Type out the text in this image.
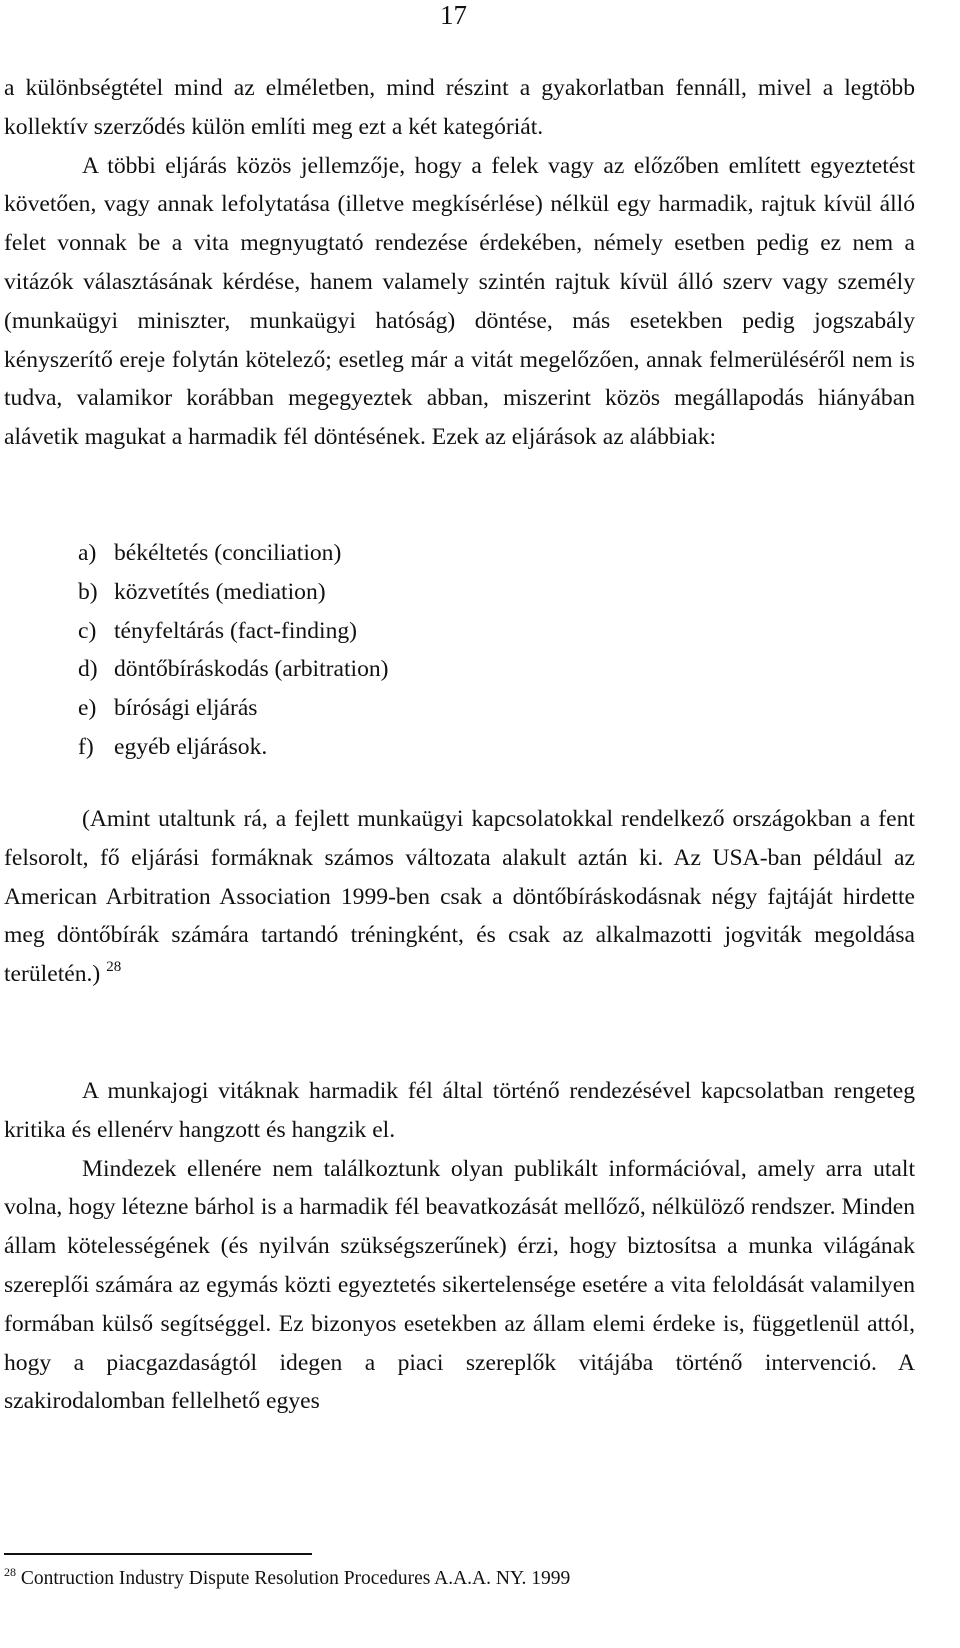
17

a különbségtétel mind az elméletben, mind részint a gyakorlatban fennáll, mivel a legtöbb kollektív szerződés külön említi meg ezt a két kategóriát.

A többi eljárás közös jellemzője, hogy a felek vagy az előzőben említett egyeztetést követően, vagy annak lefolytatása (illetve megkísérlése) nélkül egy harmadik, rajtuk kívül álló felet vonnak be a vita megnyugtató rendezése érdekében, némely esetben pedig ez nem a vitázók választásának kérdése, hanem valamely szintén rajtuk kívül álló szerv vagy személy (munkaügyi miniszter, munkaügyi hatóság) döntése, más esetekben pedig jogszabály kényszerítő ereje folytán kötelező; esetleg már a vitát megelőzően, annak felmerüléséről nem is tudva, valamikor korábban megegyeztek abban, miszerint közös megállapodás hiányában alávetik magukat a harmadik fél döntésének. Ezek az eljárások az alábbiak:

a) békéltetés (conciliation)
b) közvetítés (mediation)
c) tényfeltárás (fact-finding)
d) döntőbíráskodás (arbitration)
e) bírósági eljárás
f) egyéb eljárások.

(Amint utaltunk rá, a fejlett munkaügyi kapcsolatokkal rendelkező országokban a fent felsorolt, fő eljárási formáknak számos változata alakult aztán ki. Az USA-ban például az American Arbitration Association 1999-ben csak a döntőbíráskodásnak négy fajtáját hirdette meg döntőbírák számára tartandó tréningként, és csak az alkalmazotti jogviták megoldása területén.) $^{28}$

A munkajogi vitáknak harmadik fél által történő rendezésével kapcsolatban rengeteg kritika és ellenérv hangzott és hangzik el.

Mindezek ellenére nem találkoztunk olyan publikált információval, amely arra utalt volna, hogy létezne bárhol is a harmadik fél beavatkozását mellőző, nélkülöző rendszer. Minden állam kötelességének (és nyilván szükségszerűnek) érzi, hogy biztosítsa a munka világának szereplői számára az egymás közti egyeztetés sikertelensége esetére a vita feloldását valamilyen formában külső segítséggel. Ez bizonyos esetekben az állam elemi érdeke is, függetlenül attól, hogy a piacgazdaságtól idegen a piaci szereplők vitájába történő intervenció. A szakirodalomban fellelhető egyes

$^{28}$ Contruction Industry Dispute Resolution Procedures A.A.A. NY. 1999
